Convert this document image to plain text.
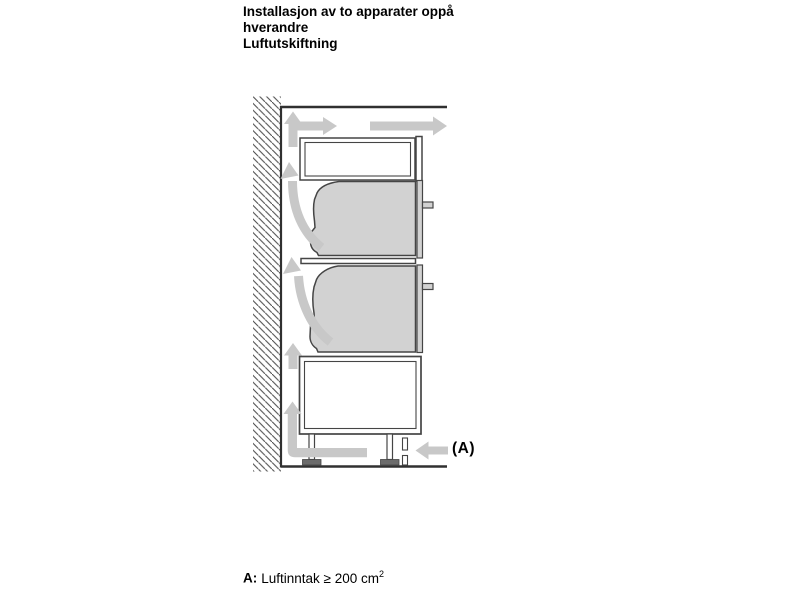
Installasjon av to apparater oppå
hverandre
Luftutskiftning
(A)
A: Luftinntak ≥ 200 $cm^2$
